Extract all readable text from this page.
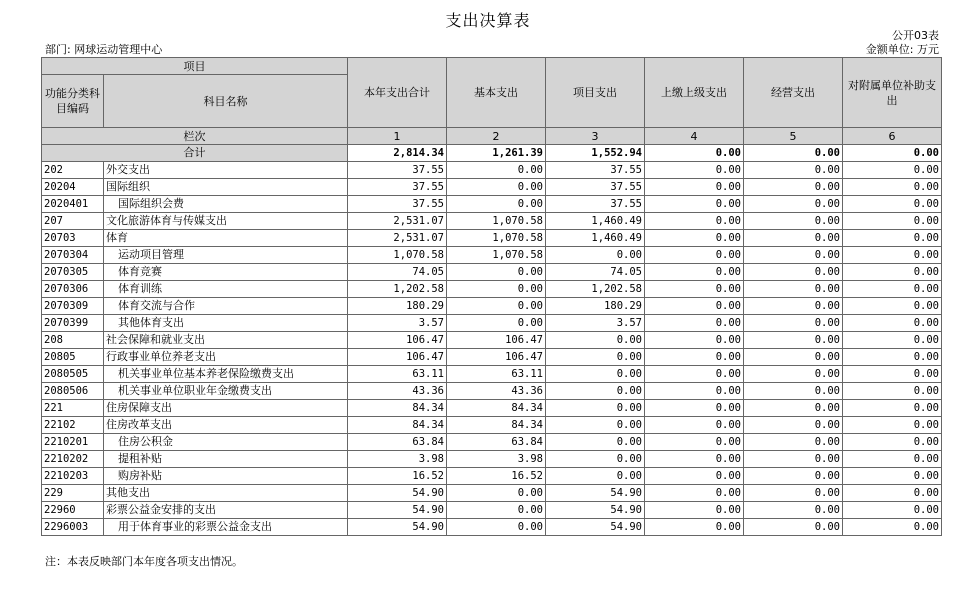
支出决算表
公开03表
部门: 网球运动管理中心	金额单位: 万元
项目		本年支出合计	基本支出	项目支出	上缴上级支出	经营支出	对附属单位补助支出
功能分类科目编码	科目名称						
栏次		1	2	3	4	5	6
合计		2,814.34	1,261.39	1,552.94	0.00	0.00	0.00
202	外交支出	37.55	0.00	37.55	0.00	0.00	0.00
20204	国际组织	37.55	0.00	37.55	0.00	0.00	0.00
2020401	国际组织会费	37.55	0.00	37.55	0.00	0.00	0.00
207	文化旅游体育与传媒支出	2,531.07	1,070.58	1,460.49	0.00	0.00	0.00
20703	体育	2,531.07	1,070.58	1,460.49	0.00	0.00	0.00
2070304	运动项目管理	1,070.58	1,070.58	0.00	0.00	0.00	0.00
2070305	体育竞赛	74.05	0.00	74.05	0.00	0.00	0.00
2070306	体育训练	1,202.58	0.00	1,202.58	0.00	0.00	0.00
2070309	体育交流与合作	180.29	0.00	180.29	0.00	0.00	0.00
2070399	其他体育支出	3.57	0.00	3.57	0.00	0.00	0.00
208	社会保障和就业支出	106.47	106.47	0.00	0.00	0.00	0.00
20805	行政事业单位养老支出	106.47	106.47	0.00	0.00	0.00	0.00
2080505	机关事业单位基本养老保险缴费支出	63.11	63.11	0.00	0.00	0.00	0.00
2080506	机关事业单位职业年金缴费支出	43.36	43.36	0.00	0.00	0.00	0.00
221	住房保障支出	84.34	84.34	0.00	0.00	0.00	0.00
22102	住房改革支出	84.34	84.34	0.00	0.00	0.00	0.00
2210201	住房公积金	63.84	63.84	0.00	0.00	0.00	0.00
2210202	提租补贴	3.98	3.98	0.00	0.00	0.00	0.00
2210203	购房补贴	16.52	16.52	0.00	0.00	0.00	0.00
229	其他支出	54.90	0.00	54.90	0.00	0.00	0.00
22960	彩票公益金安排的支出	54.90	0.00	54.90	0.00	0.00	0.00
2296003	用于体育事业的彩票公益金支出	54.90	0.00	54.90	0.00	0.00	0.00
注：本表反映部门本年度各项支出情况。
